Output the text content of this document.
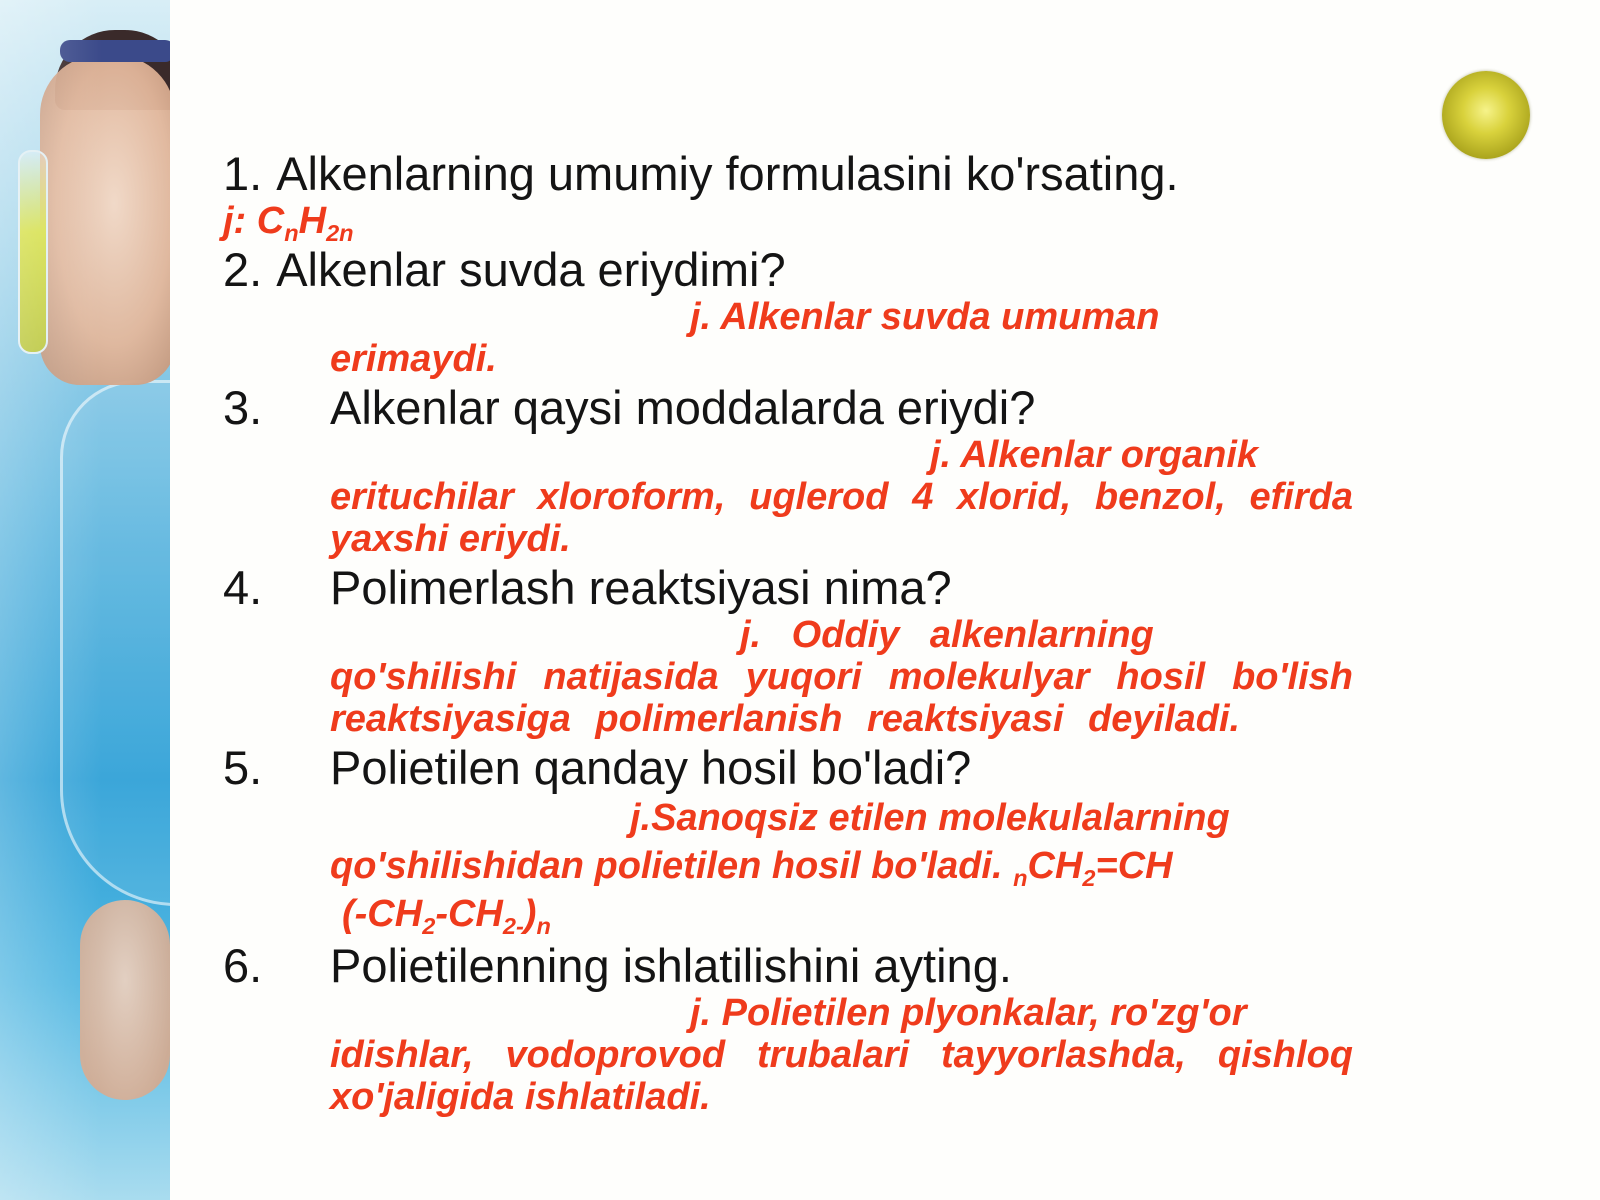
1. Alkenlarning umumiy formulasini ko'rsating.
j: $C_nH_{2n}$
2. Alkenlar suvda eriydimi?
j. Alkenlar suvda umuman
erimaydi.
3. Alkenlar qaysi moddalarda eriydi?
j. Alkenlar organik
erituchilar xloroform, uglerod 4 xlorid, benzol, efirda yaxshi eriydi.
4. Polimerlash reaktsiyasi nima?
j. Oddiy alkenlarning
qo'shilishi natijasida yuqori molekulyar hosil bo'lish reaktsiyasiga polimerlanish reaktsiyasi deyiladi.
5. Polietilen qanday hosil bo'ladi?
j.Sanoqsiz etilen molekulalarning
qo'shilishidan polietilen hosil bo'ladi. $_nCH_2=CH$
$(-CH_2-CH_{2-})_n$
6. Polietilenning ishlatilishini ayting.
j. Polietilen plyonkalar, ro'zg'or
idishlar, vodoprovod trubalari tayyorlashda, qishloq xo'jaligida ishlatiladi.
